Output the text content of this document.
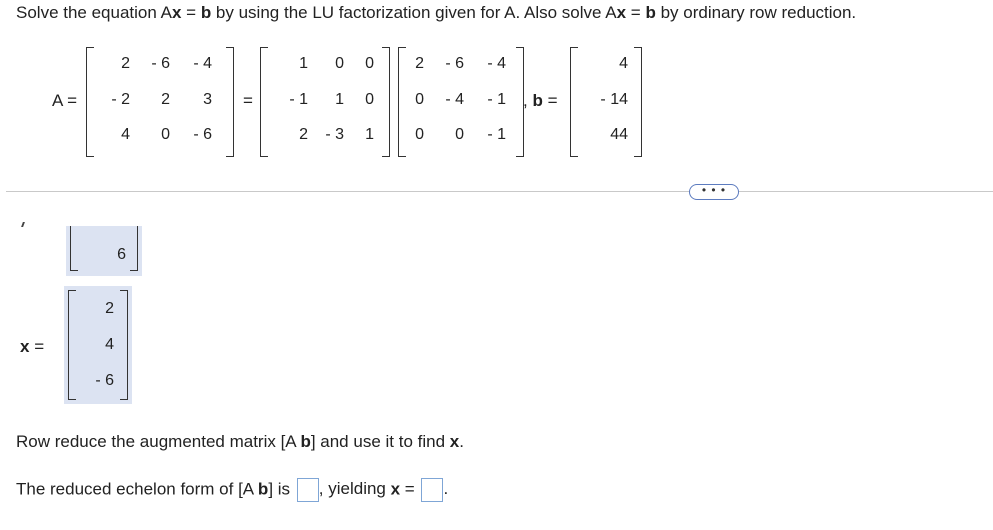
Solve the equation Ax = b by using the LU factorization given for A. Also solve Ax = b by ordinary row reduction.
A =
2	- 6	- 4
- 2	2	3
4	0	- 6
=
1	0	0
- 1	1	0
2	- 3	1
2	- 6	- 4
0	- 4	- 1
0	0	- 1
, b =
4
- 14
44
• • •
6
x =
2
4
- 6
Row reduce the augmented matrix [A b] and use it to find x.
The reduced echelon form of [A b] is , yielding x = .
